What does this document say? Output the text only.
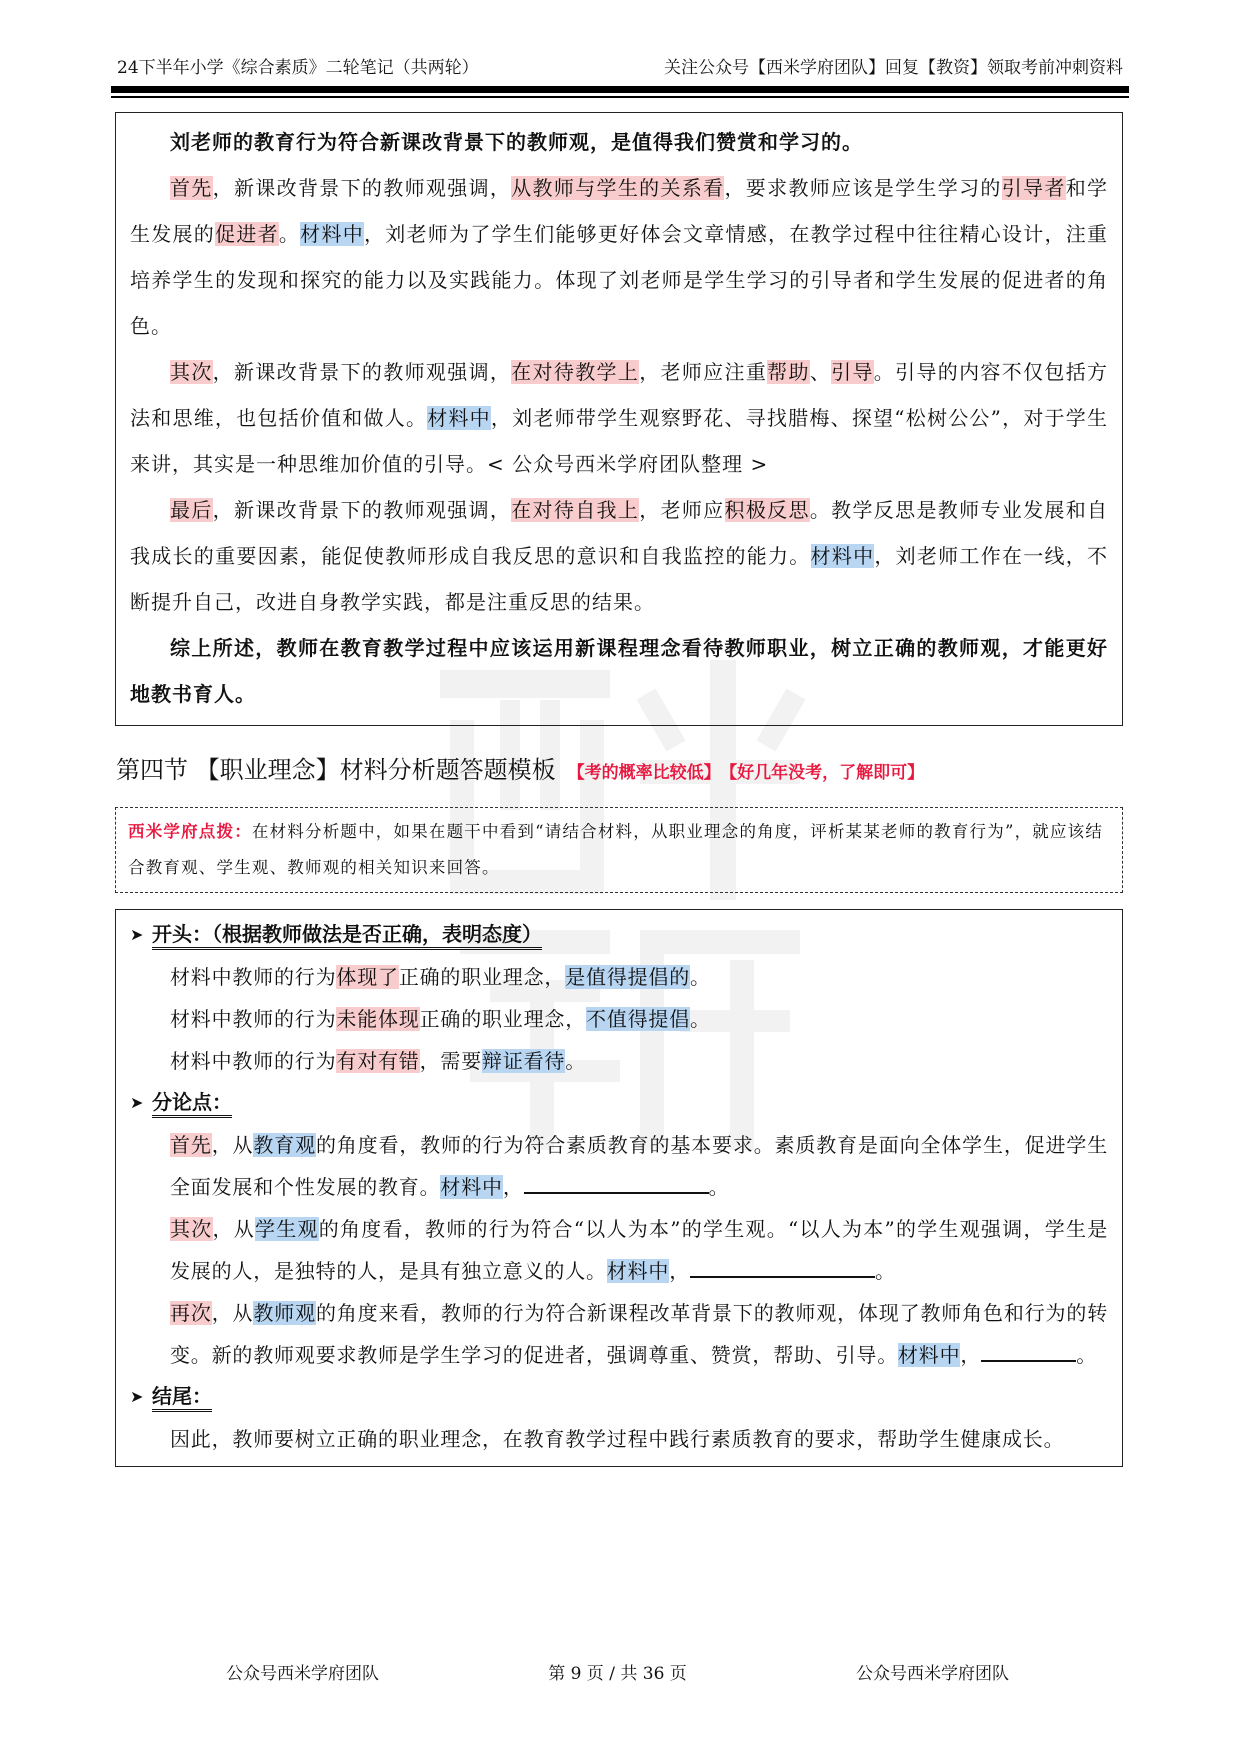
24下半年小学《综合素质》二轮笔记（共两轮）	关注公众号【西米学府团队】回复【教资】领取考前冲刺资料

刘老师的教育行为符合新课改背景下的教师观，是值得我们赞赏和学习的。

首先，新课改背景下的教师观强调，从教师与学生的关系看，要求教师应该是学生学习的引导者和学生发展的促进者。材料中，刘老师为了学生们能够更好体会文章情感，在教学过程中往往精心设计，注重培养学生的发现和探究的能力以及实践能力。体现了刘老师是学生学习的引导者和学生发展的促进者的角色。

其次，新课改背景下的教师观强调，在对待教学上，老师应注重帮助、引导。引导的内容不仅包括方法和思维，也包括价值和做人。材料中，刘老师带学生观察野花、寻找腊梅、探望“松树公公”，对于学生来讲，其实是一种思维加价值的引导。< 公众号西米学府团队整理 >

最后，新课改背景下的教师观强调，在对待自我上，老师应积极反思。教学反思是教师专业发展和自我成长的重要因素，能促使教师形成自我反思的意识和自我监控的能力。材料中，刘老师工作在一线，不断提升自己，改进自身教学实践，都是注重反思的结果。

综上所述，教师在教育教学过程中应该运用新课程理念看待教师职业，树立正确的教师观，才能更好地教书育人。

第四节 【职业理念】材料分析题答题模板 【考的概率比较低】 【好几年没考，了解即可】
西米学府点拨：在材料分析题中，如果在题干中看到“请结合材料，从职业理念的角度，评析某某老师的教育行为”，就应该结合教育观、学生观、教师观的相关知识来回答。
➤ 开头：（根据教师做法是否正确，表明态度）

材料中教师的行为体现了正确的职业理念，是值得提倡的。

材料中教师的行为未能体现正确的职业理念，不值得提倡。

材料中教师的行为有对有错，需要辩证看待。

➤ 分论点：

首先，从教育观的角度看，教师的行为符合素质教育的基本要求。素质教育是面向全体学生，促进学生全面发展和个性发展的教育。材料中，	。

其次，从学生观的角度看，教师的行为符合“以人为本”的学生观。“以人为本”的学生观强调，学生是发展的人，是独特的人，是具有独立意义的人。材料中，	。

再次，从教师观的角度来看，教师的行为符合新课程改革背景下的教师观，体现了教师角色和行为的转变。新的教师观要求教师是学生学习的促进者，强调尊重、赞赏，帮助、引导。材料中，	。

➤ 结尾：

因此，教师要树立正确的职业理念，在教育教学过程中践行素质教育的要求，帮助学生健康成长。

公众号西米学府团队	第 9 页 / 共 36 页	公众号西米学府团队
